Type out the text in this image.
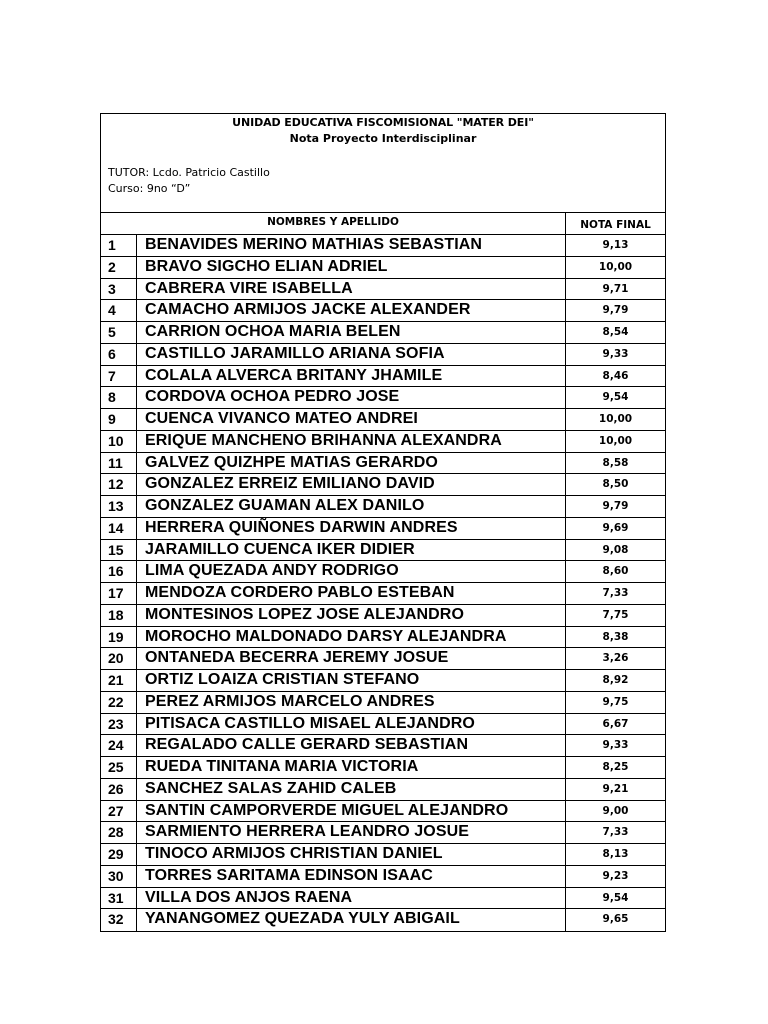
UNIDAD EDUCATIVA FISCOMISIONAL "MATER DEI"
Nota Proyecto Interdisciplinar
TUTOR: Lcdo. Patricio Castillo
Curso: 9no “D”
NOMBRES Y APELLIDO	NOTA FINAL
1	BENAVIDES MERINO MATHIAS SEBASTIAN	9,13
2	BRAVO SIGCHO ELIAN ADRIEL	10,00
3	CABRERA VIRE ISABELLA	9,71
4	CAMACHO ARMIJOS JACKE ALEXANDER	9,79
5	CARRION OCHOA MARIA BELEN	8,54
6	CASTILLO JARAMILLO ARIANA SOFIA	9,33
7	COLALA ALVERCA BRITANY JHAMILE	8,46
8	CORDOVA OCHOA PEDRO JOSE	9,54
9	CUENCA VIVANCO MATEO ANDREI	10,00
10	ERIQUE MANCHENO BRIHANNA ALEXANDRA	10,00
11	GALVEZ QUIZHPE MATIAS GERARDO	8,58
12	GONZALEZ ERREIZ EMILIANO DAVID	8,50
13	GONZALEZ GUAMAN ALEX DANILO	9,79
14	HERRERA QUIÑONES DARWIN ANDRES	9,69
15	JARAMILLO CUENCA IKER DIDIER	9,08
16	LIMA QUEZADA ANDY RODRIGO	8,60
17	MENDOZA CORDERO PABLO ESTEBAN	7,33
18	MONTESINOS LOPEZ JOSE ALEJANDRO	7,75
19	MOROCHO MALDONADO DARSY ALEJANDRA	8,38
20	ONTANEDA BECERRA JEREMY JOSUE	3,26
21	ORTIZ LOAIZA CRISTIAN STEFANO	8,92
22	PEREZ ARMIJOS MARCELO ANDRES	9,75
23	PITISACA CASTILLO MISAEL ALEJANDRO	6,67
24	REGALADO CALLE GERARD SEBASTIAN	9,33
25	RUEDA TINITANA MARIA VICTORIA	8,25
26	SANCHEZ SALAS ZAHID CALEB	9,21
27	SANTIN CAMPORVERDE MIGUEL ALEJANDRO	9,00
28	SARMIENTO HERRERA LEANDRO JOSUE	7,33
29	TINOCO ARMIJOS CHRISTIAN DANIEL	8,13
30	TORRES SARITAMA EDINSON ISAAC	9,23
31	VILLA DOS ANJOS RAENA	9,54
32	YANANGOMEZ QUEZADA YULY ABIGAIL	9,65
